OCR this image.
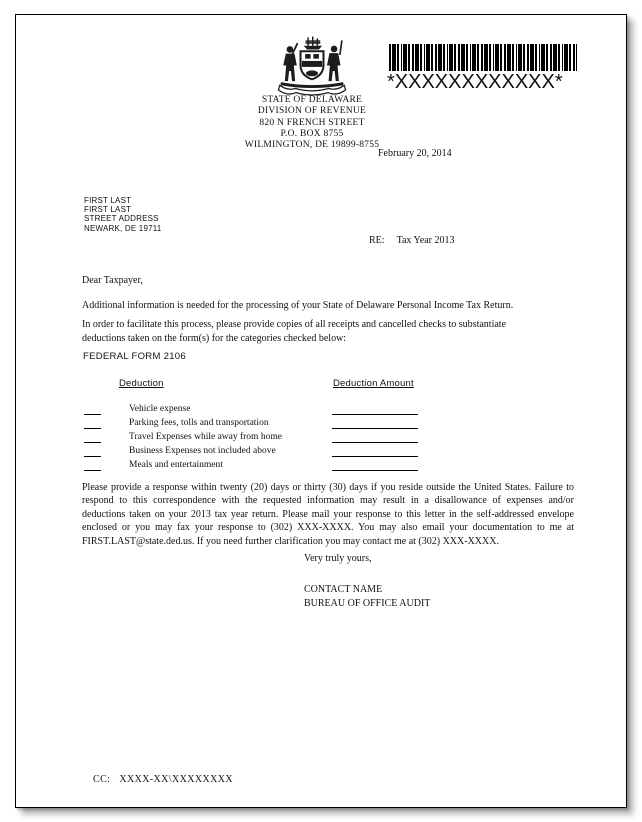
STATE OF DELAWARE
DIVISION OF REVENUE
820 N FRENCH STREET
P.O. BOX 8755
WILMINGTON, DE 19899-8755
February 20, 2014
*XXXXXXXXXXXX*
FIRST LAST
FIRST LAST
STREET ADDRESS
NEWARK, DE 19711
RE: Tax Year 2013
Dear Taxpayer,
Additional information is needed for the processing of your State of Delaware Personal Income Tax Return.
In order to facilitate this process, please provide copies of all receipts and cancelled checks to substantiate
deductions taken on the form(s) for the categories checked below:
FEDERAL FORM 2106
Deduction	Deduction Amount
Vehicle expense
Parking fees, tolls and transportation
Travel Expenses while away from home
Business Expenses not included above
Meals and entertainment
Please provide a response within twenty (20) days or thirty (30) days if you reside outside the United States. Failure to
respond to this correspondence with the requested information may result in a disallowance of expenses and/or
deductions taken on your 2013 tax year return. Please mail your response to this letter in the self-addressed envelope
enclosed or you may fax your response to (302) XXX-XXXX. You may also email your documentation to me at
FIRST.LAST@state.ded.us. If you need further clarification you may contact me at (302) XXX-XXXX.
Very truly yours,
CONTACT NAME
BUREAU OF OFFICE AUDIT
CC: XXXX-XX\XXXXXXXX
